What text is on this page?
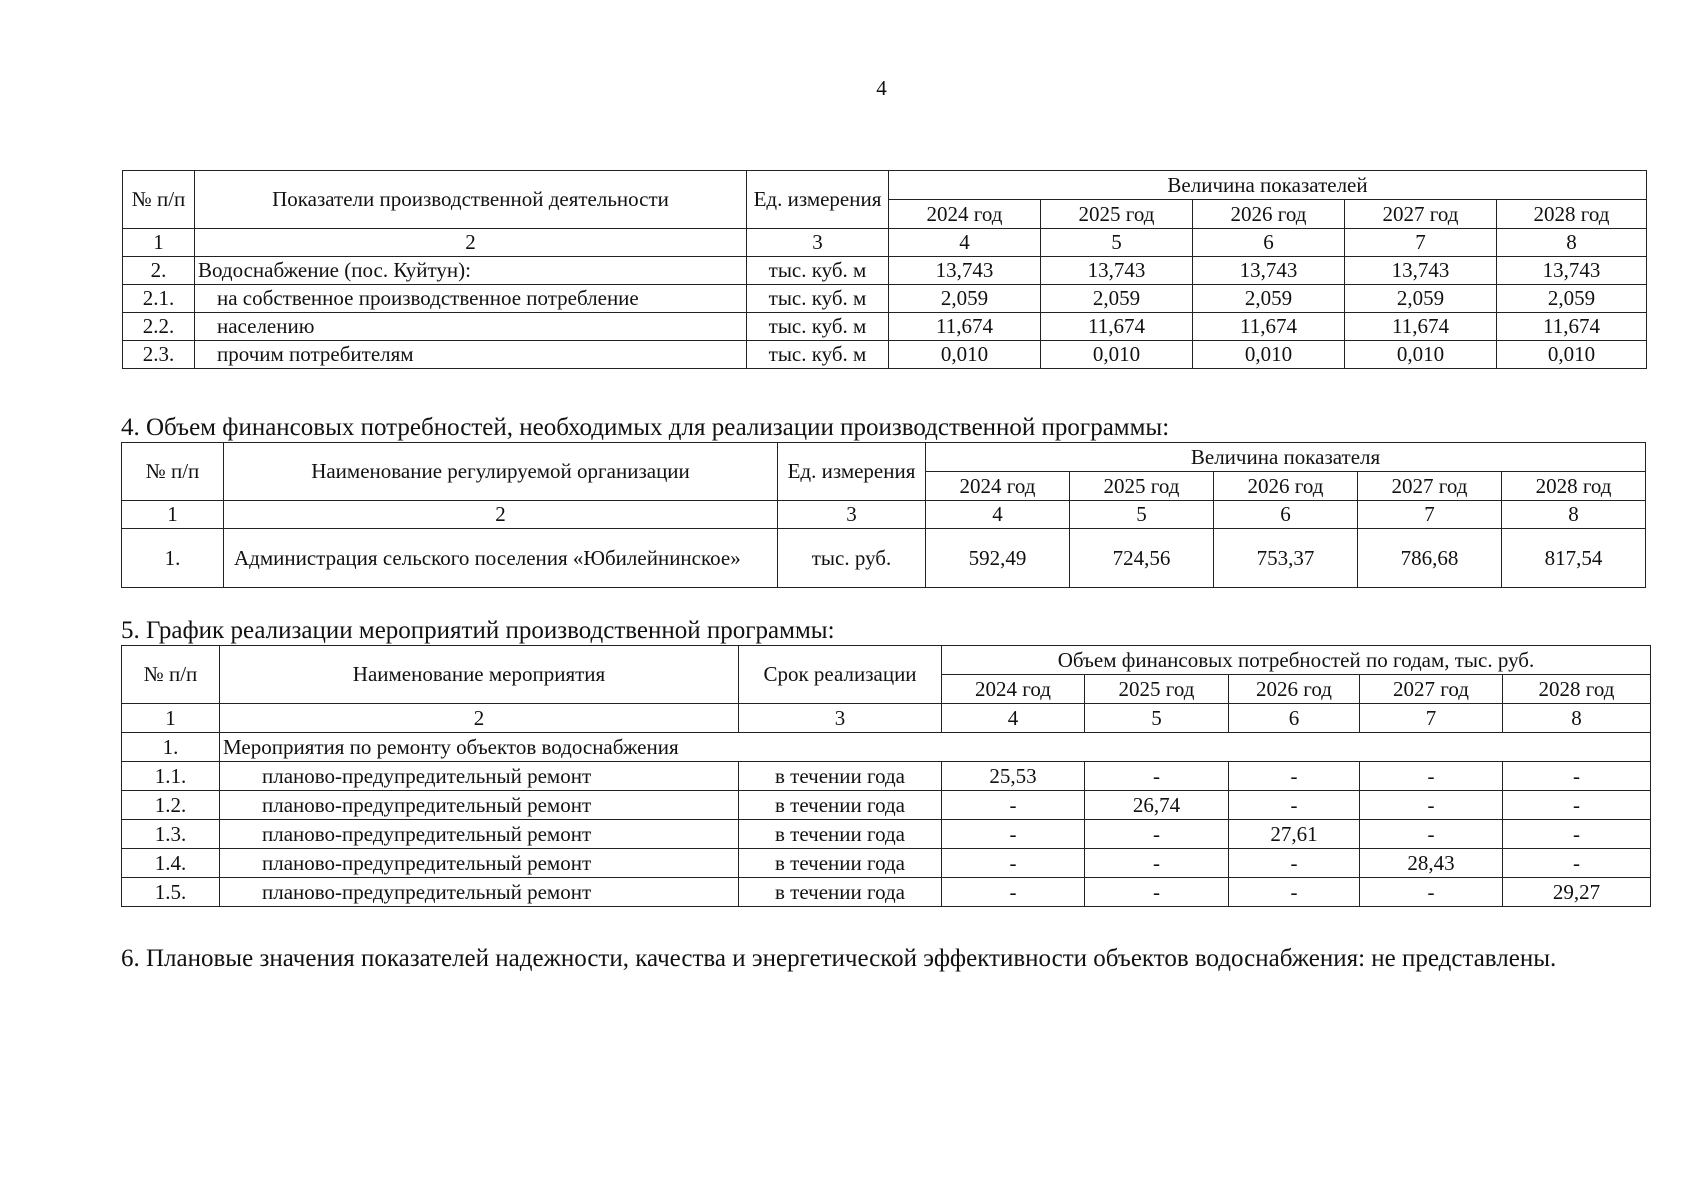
4
№ п/п	Показатели производственной деятельности	Ед. измерения	Величина показателей				
			2024 год	2025 год	2026 год	2027 год	2028 год
1	2	3	4	5	6	7	8
2.	Водоснабжение (пос. Куйтун):	тыс. куб. м	13,743	13,743	13,743	13,743	13,743
2.1.	на собственное производственное потребление	тыс. куб. м	2,059	2,059	2,059	2,059	2,059
2.2.	населению	тыс. куб. м	11,674	11,674	11,674	11,674	11,674
2.3.	прочим потребителям	тыс. куб. м	0,010	0,010	0,010	0,010	0,010
4. Объем финансовых потребностей, необходимых для реализации производственной программы:
№ п/п	Наименование регулируемой организации	Ед. измерения	Величина показателя				
			2024 год	2025 год	2026 год	2027 год	2028 год
1	2	3	4	5	6	7	8
1.	Администрация сельского поселения «Юбилейнинское»	тыс. руб.	592,49	724,56	753,37	786,68	817,54
5. График реализации мероприятий производственной программы:
№ п/п	Наименование мероприятия	Срок реализации	Объем финансовых потребностей по годам, тыс. руб.				
			2024 год	2025 год	2026 год	2027 год	2028 год
1	2	3	4	5	6	7	8
1.	Мероприятия по ремонту объектов водоснабжения						
1.1.	планово-предупредительный ремонт	в течении года	25,53	-	-	-	-
1.2.	планово-предупредительный ремонт	в течении года	-	26,74	-	-	-
1.3.	планово-предупредительный ремонт	в течении года	-	-	27,61	-	-
1.4.	планово-предупредительный ремонт	в течении года	-	-	-	28,43	-
1.5.	планово-предупредительный ремонт	в течении года	-	-	-	-	29,27
6. Плановые значения показателей надежности, качества и энергетической эффективности объектов водоснабжения: не представлены.
